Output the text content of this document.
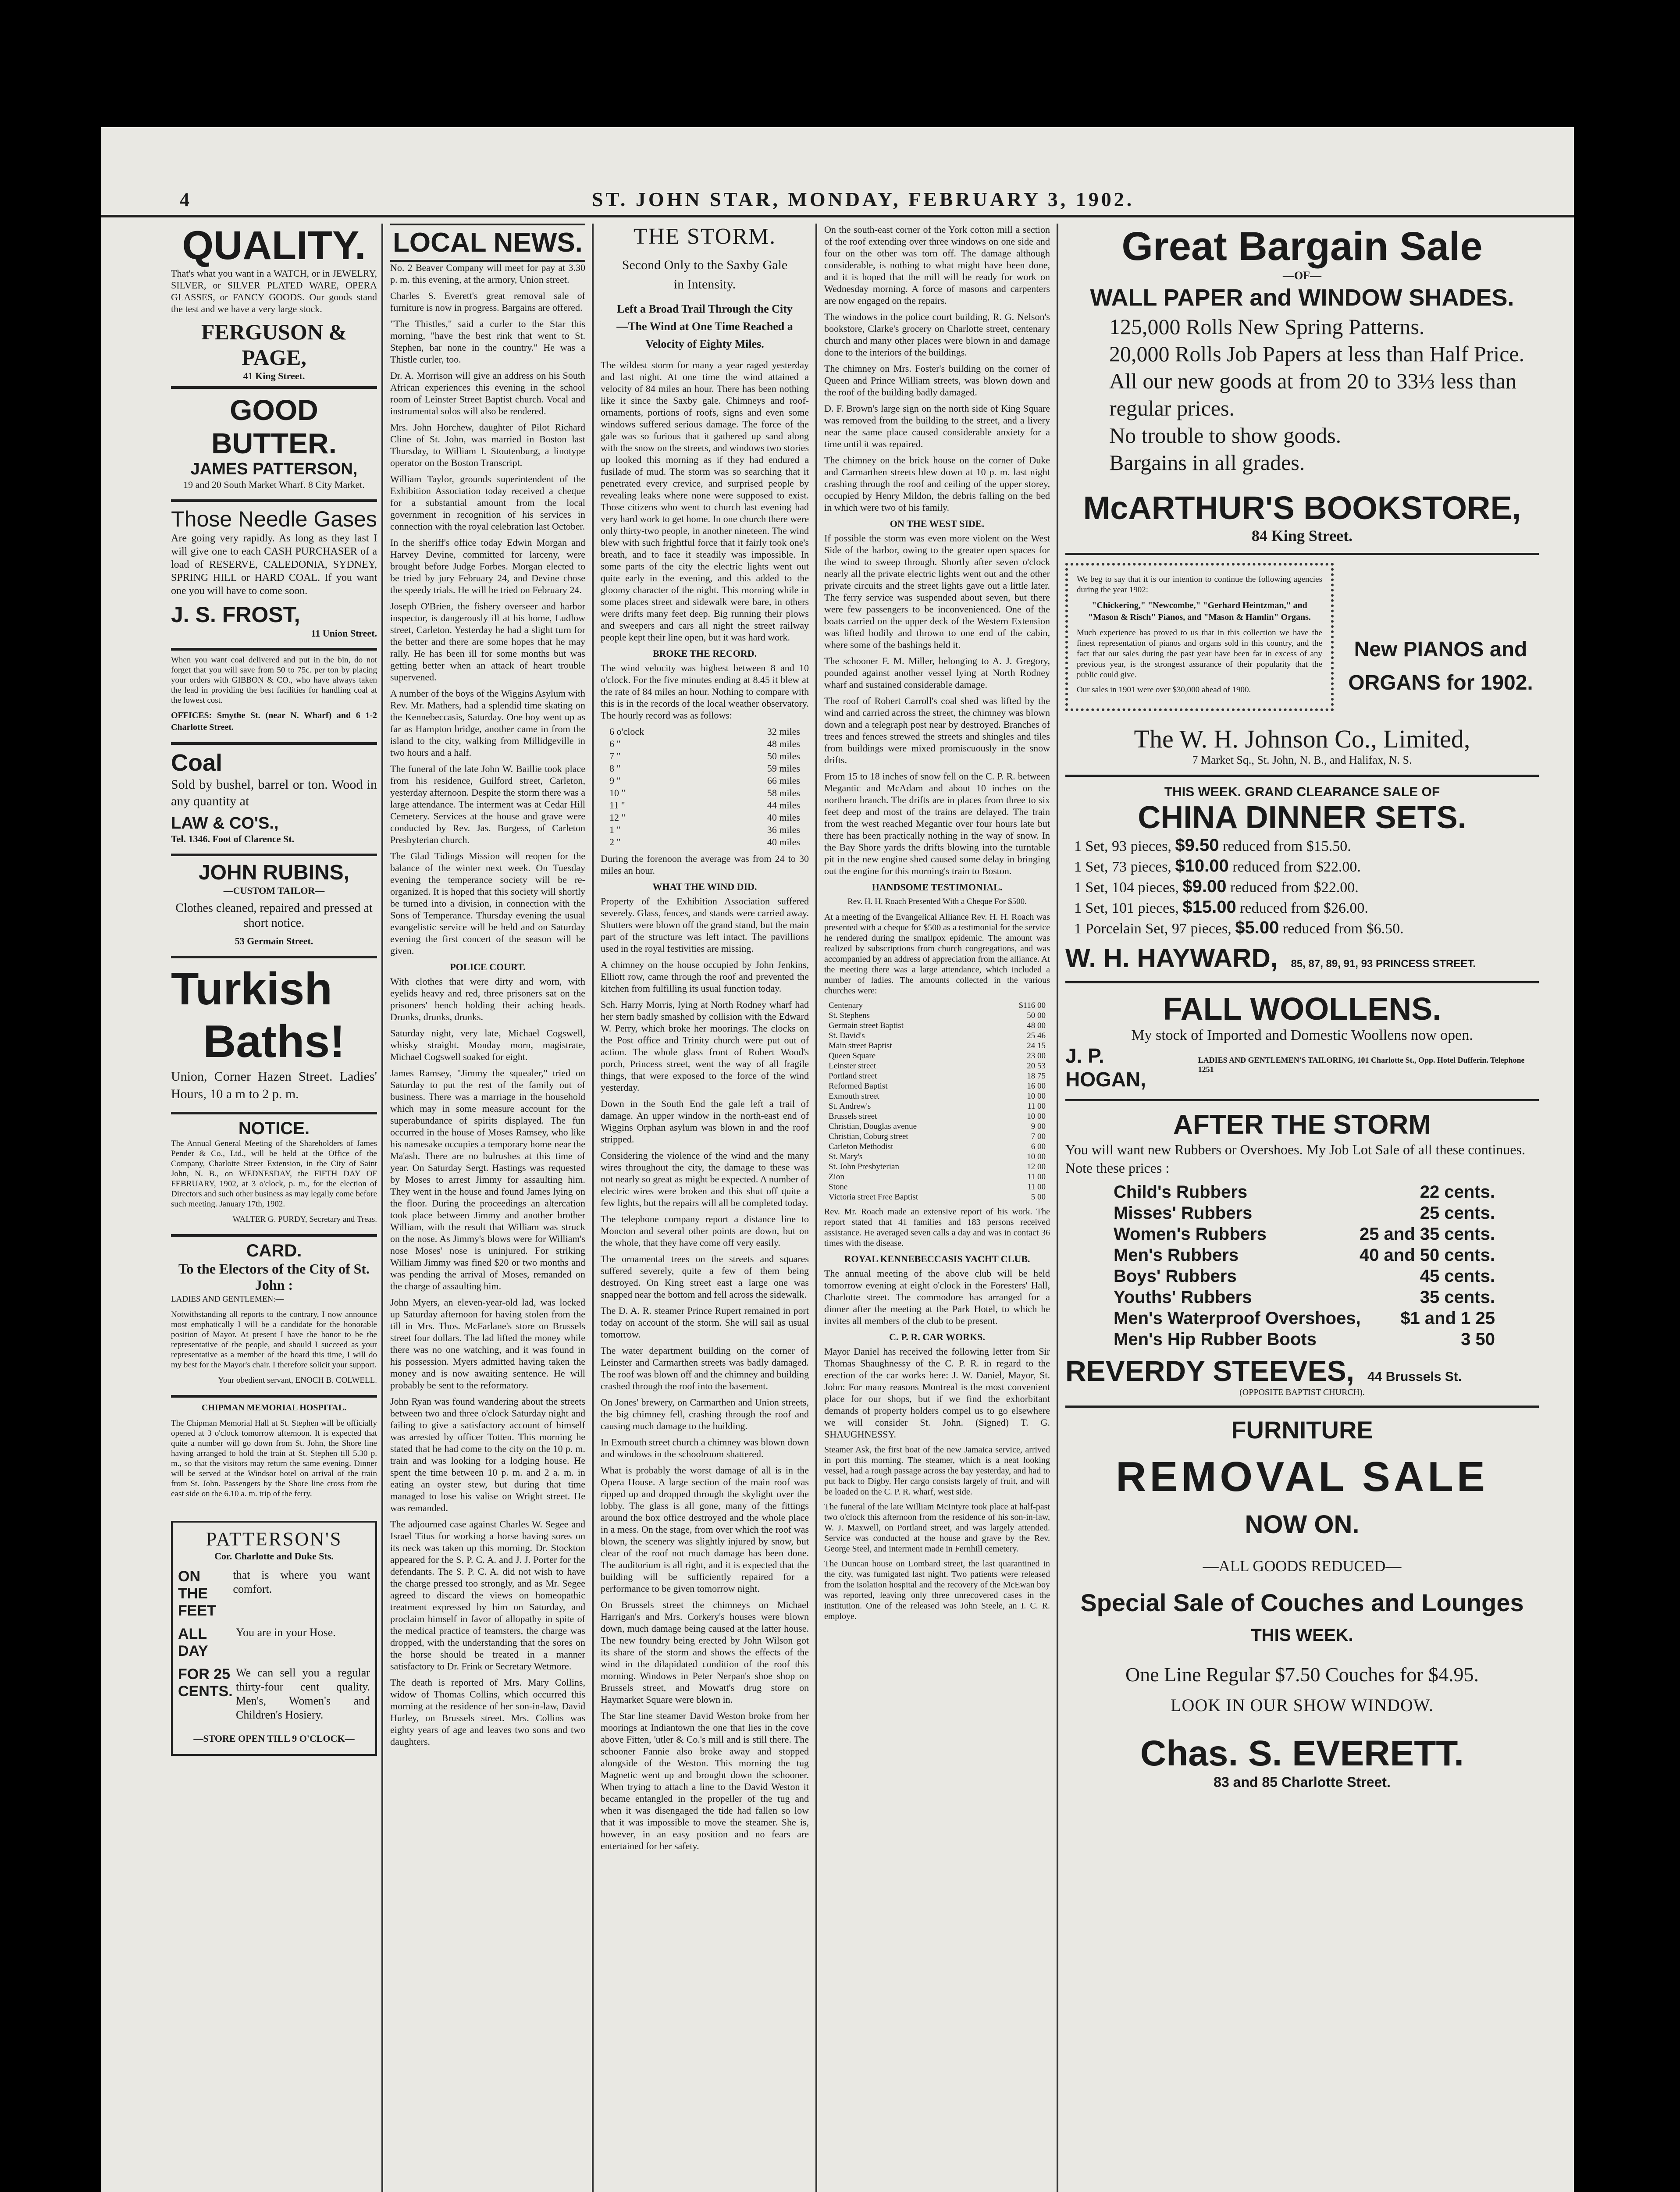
4	ST. JOHN STAR, MONDAY, FEBRUARY 3, 1902.
QUALITY.
That's what you want in a WATCH, or in JEWELRY, SILVER, or SILVER PLATED WARE, OPERA GLASSES, or FANCY GOODS. Our goods stand the test and we have a very large stock.
FERGUSON & PAGE,
41 King Street.
GOOD BUTTER.
JAMES PATTERSON,
19 and 20 South Market Wharf. 8 City Market.
Those Needle Gases
Are going very rapidly. As long as they last I will give one to each CASH PURCHASER of a load of RESERVE, CALEDONIA, SYDNEY, SPRING HILL or HARD COAL. If you want one you will have to come soon.
J. S. FROST,
11 Union Street.
When you want coal delivered and put in the bin, do not forget that you will save from 50 to 75c. per ton by placing your orders with GIBBON & CO., who have always taken the lead in providing the best facilities for handling coal at the lowest cost.
OFFICES: Smythe St. (near N. Wharf) and 6 1-2 Charlotte Street.
Coal
Sold by bushel, barrel or ton. Wood in any quantity at
LAW & CO'S.,
Tel. 1346. Foot of Clarence St.
JOHN RUBINS,
—CUSTOM TAILOR—
Clothes cleaned, repaired and pressed at short notice.
53 Germain Street.
Turkish
Baths!
Union, Corner Hazen Street. Ladies' Hours, 10 a m to 2 p. m.
NOTICE.
The Annual General Meeting of the Shareholders of James Pender & Co., Ltd., will be held at the Office of the Company, Charlotte Street Extension, in the City of Saint John, N. B., on WEDNESDAY, the FIFTH DAY OF FEBRUARY, 1902, at 3 o'clock, p. m., for the election of Directors and such other business as may legally come before such meeting. January 17th, 1902.
WALTER G. PURDY, Secretary and Treas.
CARD.
To the Electors of the City of St. John :
LADIES AND GENTLEMEN:—
Notwithstanding all reports to the contrary, I now announce most emphatically I will be a candidate for the honorable position of Mayor. At present I have the honor to be the representative of the people, and should I succeed as your representative as a member of the board this time, I will do my best for the Mayor's chair. I therefore solicit your support.
Your obedient servant, ENOCH B. COLWELL.
CHIPMAN MEMORIAL HOSPITAL.
The Chipman Memorial Hall at St. Stephen will be officially opened at 3 o'clock tomorrow afternoon. It is expected that quite a number will go down from St. John, the Shore line having arranged to hold the train at St. Stephen till 5.30 p. m., so that the visitors may return the same evening. Dinner will be served at the Windsor hotel on arrival of the train from St. John. Passengers by the Shore line cross from the east side on the 6.10 a. m. trip of the ferry.
PATTERSON'S
Cor. Charlotte and Duke Sts.
ON THE FEET
that is where you want comfort.
ALL DAY
You are in your Hose.
FOR 25 CENTS.
We can sell you a regular thirty-four cent quality. Men's, Women's and Children's Hosiery.
—STORE OPEN TILL 9 O'CLOCK—
LOCAL NEWS.
No. 2 Beaver Company will meet for pay at 3.30 p. m. this evening, at the armory, Union street.
Charles S. Everett's great removal sale of furniture is now in progress. Bargains are offered.
"The Thistles," said a curler to the Star this morning, "have the best rink that went to St. Stephen, bar none in the country." He was a Thistle curler, too.
Dr. A. Morrison will give an address on his South African experiences this evening in the school room of Leinster Street Baptist church. Vocal and instrumental solos will also be rendered.
Mrs. John Horchew, daughter of Pilot Richard Cline of St. John, was married in Boston last Thursday, to William I. Stoutenburg, a linotype operator on the Boston Transcript.
William Taylor, grounds superintendent of the Exhibition Association today received a cheque for a substantial amount from the local government in recognition of his services in connection with the royal celebration last October.
In the sheriff's office today Edwin Morgan and Harvey Devine, committed for larceny, were brought before Judge Forbes. Morgan elected to be tried by jury February 24, and Devine chose the speedy trials. He will be tried on February 24.
Joseph O'Brien, the fishery overseer and harbor inspector, is dangerously ill at his home, Ludlow street, Carleton. Yesterday he had a slight turn for the better and there are some hopes that he may rally. He has been ill for some months but was getting better when an attack of heart trouble supervened.
A number of the boys of the Wiggins Asylum with Rev. Mr. Mathers, had a splendid time skating on the Kennebeccasis, Saturday. One boy went up as far as Hampton bridge, another came in from the island to the city, walking from Millidgeville in two hours and a half.
The funeral of the late John W. Baillie took place from his residence, Guilford street, Carleton, yesterday afternoon. Despite the storm there was a large attendance. The interment was at Cedar Hill Cemetery. Services at the house and grave were conducted by Rev. Jas. Burgess, of Carleton Presbyterian church.
The Glad Tidings Mission will reopen for the balance of the winter next week. On Tuesday evening the temperance society will be re-organized. It is hoped that this society will shortly be turned into a division, in connection with the Sons of Temperance. Thursday evening the usual evangelistic service will be held and on Saturday evening the first concert of the season will be given.
POLICE COURT.
With clothes that were dirty and worn, with eyelids heavy and red, three prisoners sat on the prisoners' bench holding their aching heads. Drunks, drunks, drunks.
Saturday night, very late, Michael Cogswell, whisky straight. Monday morn, magistrate, Michael Cogswell soaked for eight.
James Ramsey, "Jimmy the squealer," tried on Saturday to put the rest of the family out of business. There was a marriage in the household which may in some measure account for the superabundance of spirits displayed. The fun occurred in the house of Moses Ramsey, who like his namesake occupies a temporary home near the Ma'ash. There are no bulrushes at this time of year. On Saturday Sergt. Hastings was requested by Moses to arrest Jimmy for assaulting him. They went in the house and found James lying on the floor. During the proceedings an altercation took place between Jimmy and another brother William, with the result that William was struck on the nose. As Jimmy's blows were for William's nose Moses' nose is uninjured. For striking William Jimmy was fined $20 or two months and was pending the arrival of Moses, remanded on the charge of assaulting him.
John Myers, an eleven-year-old lad, was locked up Saturday afternoon for having stolen from the till in Mrs. Thos. McFarlane's store on Brussels street four dollars. The lad lifted the money while there was no one watching, and it was found in his possession. Myers admitted having taken the money and is now awaiting sentence. He will probably be sent to the reformatory.
John Ryan was found wandering about the streets between two and three o'clock Saturday night and failing to give a satisfactory account of himself was arrested by officer Totten. This morning he stated that he had come to the city on the 10 p. m. train and was looking for a lodging house. He spent the time between 10 p. m. and 2 a. m. in eating an oyster stew, but during that time managed to lose his valise on Wright street. He was remanded.
The adjourned case against Charles W. Segee and Israel Titus for working a horse having sores on its neck was taken up this morning. Dr. Stockton appeared for the S. P. C. A. and J. J. Porter for the defendants. The S. P. C. A. did not wish to have the charge pressed too strongly, and as Mr. Segee agreed to discard the views on homeopathic treatment expressed by him on Saturday, and proclaim himself in favor of allopathy in spite of the medical practice of teamsters, the charge was dropped, with the understanding that the sores on the horse should be treated in a manner satisfactory to Dr. Frink or Secretary Wetmore.
The death is reported of Mrs. Mary Collins, widow of Thomas Collins, which occurred this morning at the residence of her son-in-law, David Hurley, on Brussels street. Mrs. Collins was eighty years of age and leaves two sons and two daughters.
THE STORM.
Second Only to the Saxby Gale in Intensity.
Left a Broad Trail Through the City —The Wind at One Time Reached a Velocity of Eighty Miles.
The wildest storm for many a year raged yesterday and last night. At one time the wind attained a velocity of 84 miles an hour. There has been nothing like it since the Saxby gale. Chimneys and roof-ornaments, portions of roofs, signs and even some windows suffered serious damage. The force of the gale was so furious that it gathered up sand along with the snow on the streets, and windows two stories up looked this morning as if they had endured a fusilade of mud. The storm was so searching that it penetrated every crevice, and surprised people by revealing leaks where none were supposed to exist. Those citizens who went to church last evening had very hard work to get home. In one church there were only thirty-two people, in another nineteen. The wind blew with such frightful force that it fairly took one's breath, and to face it steadily was impossible. In some parts of the city the electric lights went out quite early in the evening, and this added to the gloomy character of the night. This morning while in some places street and sidewalk were bare, in others were drifts many feet deep. Big running their plows and sweepers and cars all night the street railway people kept their line open, but it was hard work.
BROKE THE RECORD.
The wind velocity was highest between 8 and 10 o'clock. For the five minutes ending at 8.45 it blew at the rate of 84 miles an hour. Nothing to compare with this is in the records of the local weather observatory. The hourly record was as follows:
6 o'clock	32 miles
6 "	48 miles
7 "	50 miles
8 "	59 miles
9 "	66 miles
10 "	58 miles
11 "	44 miles
12 "	40 miles
1 "	36 miles
2 "	40 miles
During the forenoon the average was from 24 to 30 miles an hour.
WHAT THE WIND DID.
Property of the Exhibition Association suffered severely. Glass, fences, and stands were carried away. Shutters were blown off the grand stand, but the main part of the structure was left intact. The pavillions used in the royal festivities are missing.
A chimney on the house occupied by John Jenkins, Elliott row, came through the roof and prevented the kitchen from fulfilling its usual function today.
Sch. Harry Morris, lying at North Rodney wharf had her stern badly smashed by collision with the Edward W. Perry, which broke her moorings. The clocks on the Post office and Trinity church were put out of action. The whole glass front of Robert Wood's porch, Princess street, went the way of all fragile things, that were exposed to the force of the wind yesterday.
Down in the South End the gale left a trail of damage. An upper window in the north-east end of Wiggins Orphan asylum was blown in and the roof stripped.
Considering the violence of the wind and the many wires throughout the city, the damage to these was not nearly so great as might be expected. A number of electric wires were broken and this shut off quite a few lights, but the repairs will all be completed today.
The telephone company report a distance line to Moncton and several other points are down, but on the whole, that they have come off very easily.
The ornamental trees on the streets and squares suffered severely, quite a few of them being destroyed. On King street east a large one was snapped near the bottom and fell across the sidewalk.
The D. A. R. steamer Prince Rupert remained in port today on account of the storm. She will sail as usual tomorrow.
The water department building on the corner of Leinster and Carmarthen streets was badly damaged. The roof was blown off and the chimney and building crashed through the roof into the basement.
On Jones' brewery, on Carmarthen and Union streets, the big chimney fell, crashing through the roof and causing much damage to the building.
In Exmouth street church a chimney was blown down and windows in the schoolroom shattered.
What is probably the worst damage of all is in the Opera House. A large section of the main roof was ripped up and dropped through the skylight over the lobby. The glass is all gone, many of the fittings around the box office destroyed and the whole place in a mess. On the stage, from over which the roof was blown, the scenery was slightly injured by snow, but clear of the roof not much damage has been done. The auditorium is all right, and it is expected that the building will be sufficiently repaired for a performance to be given tomorrow night.
On Brussels street the chimneys on Michael Harrigan's and Mrs. Corkery's houses were blown down, much damage being caused at the latter house. The new foundry being erected by John Wilson got its share of the storm and shows the effects of the wind in the dilapidated condition of the roof this morning. Windows in Peter Nerpan's shoe shop on Brussels street, and Mowatt's drug store on Haymarket Square were blown in.
The Star line steamer David Weston broke from her moorings at Indiantown the one that lies in the cove above Fitten, 'utler & Co.'s mill and is still there. The schooner Fannie also broke away and stopped alongside of the Weston. This morning the tug Magnetic went up and brought down the schooner. When trying to attach a line to the David Weston it became entangled in the propeller of the tug and when it was disengaged the tide had fallen so low that it was impossible to move the steamer. She is, however, in an easy position and no fears are entertained for her safety.
On the south-east corner of the York cotton mill a section of the roof extending over three windows on one side and four on the other was torn off. The damage although considerable, is nothing to what might have been done, and it is hoped that the mill will be ready for work on Wednesday morning. A force of masons and carpenters are now engaged on the repairs.
The windows in the police court building, R. G. Nelson's bookstore, Clarke's grocery on Charlotte street, centenary church and many other places were blown in and damage done to the interiors of the buildings.
The chimney on Mrs. Foster's building on the corner of Queen and Prince William streets, was blown down and the roof of the building badly damaged.
D. F. Brown's large sign on the north side of King Square was removed from the building to the street, and a livery near the same place caused considerable anxiety for a time until it was repaired.
The chimney on the brick house on the corner of Duke and Carmarthen streets blew down at 10 p. m. last night crashing through the roof and ceiling of the upper storey, occupied by Henry Mildon, the debris falling on the bed in which were two of his family.
ON THE WEST SIDE.
If possible the storm was even more violent on the West Side of the harbor, owing to the greater open spaces for the wind to sweep through. Shortly after seven o'clock nearly all the private electric lights went out and the other private circuits and the street lights gave out a little later. The ferry service was suspended about seven, but there were few passengers to be inconvenienced. One of the boats carried on the upper deck of the Western Extension was lifted bodily and thrown to one end of the cabin, where some of the bashings held it.
The schooner F. M. Miller, belonging to A. J. Gregory, pounded against another vessel lying at North Rodney wharf and sustained considerable damage.
The roof of Robert Carroll's coal shed was lifted by the wind and carried across the street, the chimney was blown down and a telegraph post near by destroyed. Branches of trees and fences strewed the streets and shingles and tiles from buildings were mixed promiscuously in the snow drifts.
From 15 to 18 inches of snow fell on the C. P. R. between Megantic and McAdam and about 10 inches on the northern branch. The drifts are in places from three to six feet deep and most of the trains are delayed. The train from the west reached Megantic over four hours late but there has been practically nothing in the way of snow. In the Bay Shore yards the drifts blowing into the turntable pit in the new engine shed caused some delay in bringing out the engine for this morning's train to Boston.
HANDSOME TESTIMONIAL.
Rev. H. H. Roach Presented With a Cheque For $500.
At a meeting of the Evangelical Alliance Rev. H. H. Roach was presented with a cheque for $500 as a testimonial for the service he rendered during the smallpox epidemic. The amount was realized by subscriptions from church congregations, and was accompanied by an address of appreciation from the alliance. At the meeting there was a large attendance, which included a number of ladies. The amounts collected in the various churches were:
Centenary	$116 00
St. Stephens	50 00
Germain street Baptist	48 00
St. David's	25 46
Main street Baptist	24 15
Queen Square	23 00
Leinster street	20 53
Portland street	18 75
Reformed Baptist	16 00
Exmouth street	10 00
St. Andrew's	11 00
Brussels street	10 00
Christian, Douglas avenue	9 00
Christian, Coburg street	7 00
Carleton Methodist	6 00
St. Mary's	10 00
St. John Presbyterian	12 00
Zion	11 00
Stone	11 00
Victoria street Free Baptist	5 00
Rev. Mr. Roach made an extensive report of his work. The report stated that 41 families and 183 persons received assistance. He averaged seven calls a day and was in contact 36 times with the disease.
ROYAL KENNEBECCASIS YACHT CLUB.
The annual meeting of the above club will be held tomorrow evening at eight o'clock in the Foresters' Hall, Charlotte street. The commodore has arranged for a dinner after the meeting at the Park Hotel, to which he invites all members of the club to be present.
C. P. R. CAR WORKS.
Mayor Daniel has received the following letter from Sir Thomas Shaughnessy of the C. P. R. in regard to the erection of the car works here: J. W. Daniel, Mayor, St. John: For many reasons Montreal is the most convenient place for our shops, but if we find the exhorbitant demands of property holders compel us to go elsewhere we will consider St. John. (Signed) T. G. SHAUGHNESSY.
Steamer Ask, the first boat of the new Jamaica service, arrived in port this morning. The steamer, which is a neat looking vessel, had a rough passage across the bay yesterday, and had to put back to Digby. Her cargo consists largely of fruit, and will be loaded on the C. P. R. wharf, west side.
The funeral of the late William McIntyre took place at half-past two o'clock this afternoon from the residence of his son-in-law, W. J. Maxwell, on Portland street, and was largely attended. Service was conducted at the house and grave by the Rev. George Steel, and interment made in Fernhill cemetery.
The Duncan house on Lombard street, the last quarantined in the city, was fumigated last night. Two patients were released from the isolation hospital and the recovery of the McEwan boy was reported, leaving only three unrecovered cases in the institution. One of the released was John Steele, an I. C. R. employe.
Great Bargain Sale
—OF—
WALL PAPER and WINDOW SHADES.
125,000 Rolls New Spring Patterns.
20,000 Rolls Job Papers at less than Half Price.
All our new goods at from 20 to 33⅓ less than regular prices.
No trouble to show goods.
Bargains in all grades.
McARTHUR'S BOOKSTORE,
84 King Street.
We beg to say that it is our intention to continue the following agencies during the year 1902:
"Chickering," "Newcombe," "Gerhard Heintzman," and "Mason & Risch" Pianos, and "Mason & Hamlin" Organs.
Much experience has proved to us that in this collection we have the finest representation of pianos and organs sold in this country, and the fact that our sales during the past year have been far in excess of any previous year, is the strongest assurance of their popularity that the public could give.
Our sales in 1901 were over $30,000 ahead of 1900.
New PIANOS and ORGANS for 1902.
The W. H. Johnson Co., Limited,
7 Market Sq., St. John, N. B., and Halifax, N. S.
THIS WEEK. GRAND CLEARANCE SALE OF
CHINA DINNER SETS.
1 Set, 93 pieces, $9.50 reduced from $15.50.
1 Set, 73 pieces, $10.00 reduced from $22.00.
1 Set, 104 pieces, $9.00 reduced from $22.00.
1 Set, 101 pieces, $15.00 reduced from $26.00.
1 Porcelain Set, 97 pieces, $5.00 reduced from $6.50.
W. H. HAYWARD, 85, 87, 89, 91, 93 PRINCESS STREET.
FALL WOOLLENS.
My stock of Imported and Domestic Woollens now open.
J. P. HOGAN,
LADIES AND GENTLEMEN'S TAILORING, 101 Charlotte St., Opp. Hotel Dufferin. Telephone 1251
AFTER THE STORM
You will want new Rubbers or Overshoes. My Job Lot Sale of all these continues. Note these prices :
Child's Rubbers	22 cents.
Misses' Rubbers	25 cents.
Women's Rubbers	25 and 35 cents.
Men's Rubbers	40 and 50 cents.
Boys' Rubbers	45 cents.
Youths' Rubbers	35 cents.
Men's Waterproof Overshoes, $1 and 1 25
Men's Hip Rubber Boots	3 50
REVERDY STEEVES, 44 Brussels St.
(OPPOSITE BAPTIST CHURCH).
FURNITURE
REMOVAL SALE
NOW ON.
—ALL GOODS REDUCED—
Special Sale of Couches and Lounges
THIS WEEK.
One Line Regular $7.50 Couches for $4.95.
LOOK IN OUR SHOW WINDOW.
Chas. S. EVERETT.
83 and 85 Charlotte Street.
